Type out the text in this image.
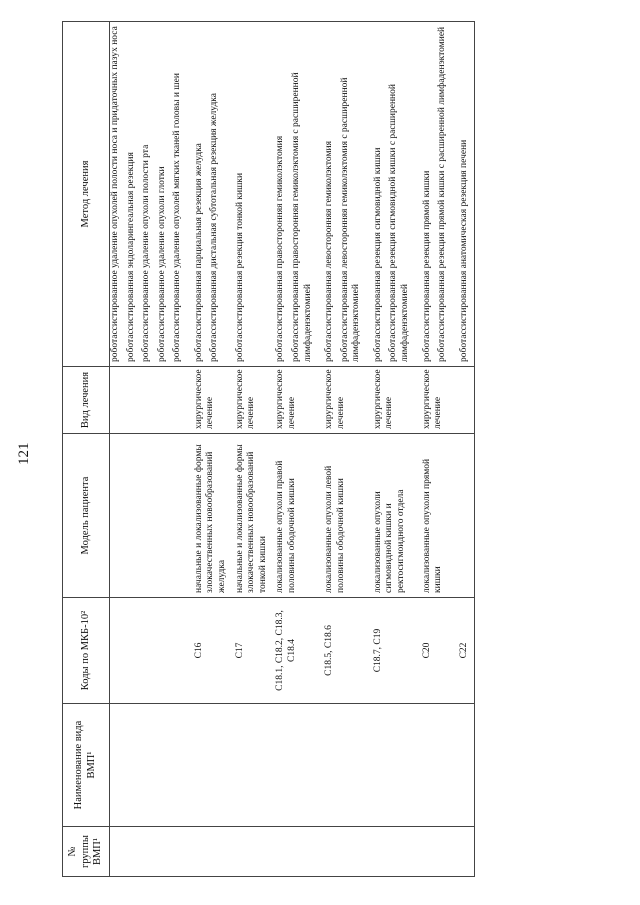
121
№ группы ВМП¹	Наименование вида ВМП¹	Коды по МКБ-10²	Модель пациента	Вид лечения	Метод лечения

					роботассистированное удаление опухолей полости носа и придаточных пазух носа роботассистированная эндоларингеальная резекция роботассистированное удаление опухоли полости рта роботассистированное удаление опухоли глотки роботассистированное удаление опухолей мягких тканей головы и шеи

		C16	начальные и локализованные формы злокачественных новообразований желудка	хирургическое лечение	роботассистированная парциальная резекция желудка роботассистированная дистальная субтотальная резекция желудка

		C17	начальные и локализованные формы злокачественных новообразований тонкой кишки	хирургическое лечение	роботассистированная резекция тонкой кишки

		C18.1, C18.2, C18.3, C18.4	локализованные опухоли правой половины ободочной кишки	хирургическое лечение	роботассистированная правосторонняя гемиколэктомия роботассистированная правосторонняя гемиколэктомия с расширенной лимфаденэктомией

		C18.5, C18.6	локализованные опухоли левой половины ободочной кишки	хирургическое лечение	роботассистированная левосторонняя гемиколэктомия роботассистированная левосторонняя гемиколэктомия с расширенной лимфаденэктомией

		C18.7, C19	локализованные опухоли сигмовидной кишки и ректосигмоидного отдела	хирургическое лечение	роботассистированная резекция сигмовидной кишки роботассистированная резекция сигмовидной кишки с расширенной лимфаденэктомией

		C20	локализованные опухоли прямой кишки	хирургическое лечение	роботассистированная резекция прямой кишки роботассистированная резекция прямой кишки с расширенной лимфаденэктомией

		C22			роботассистированная анатомическая резекция печени
